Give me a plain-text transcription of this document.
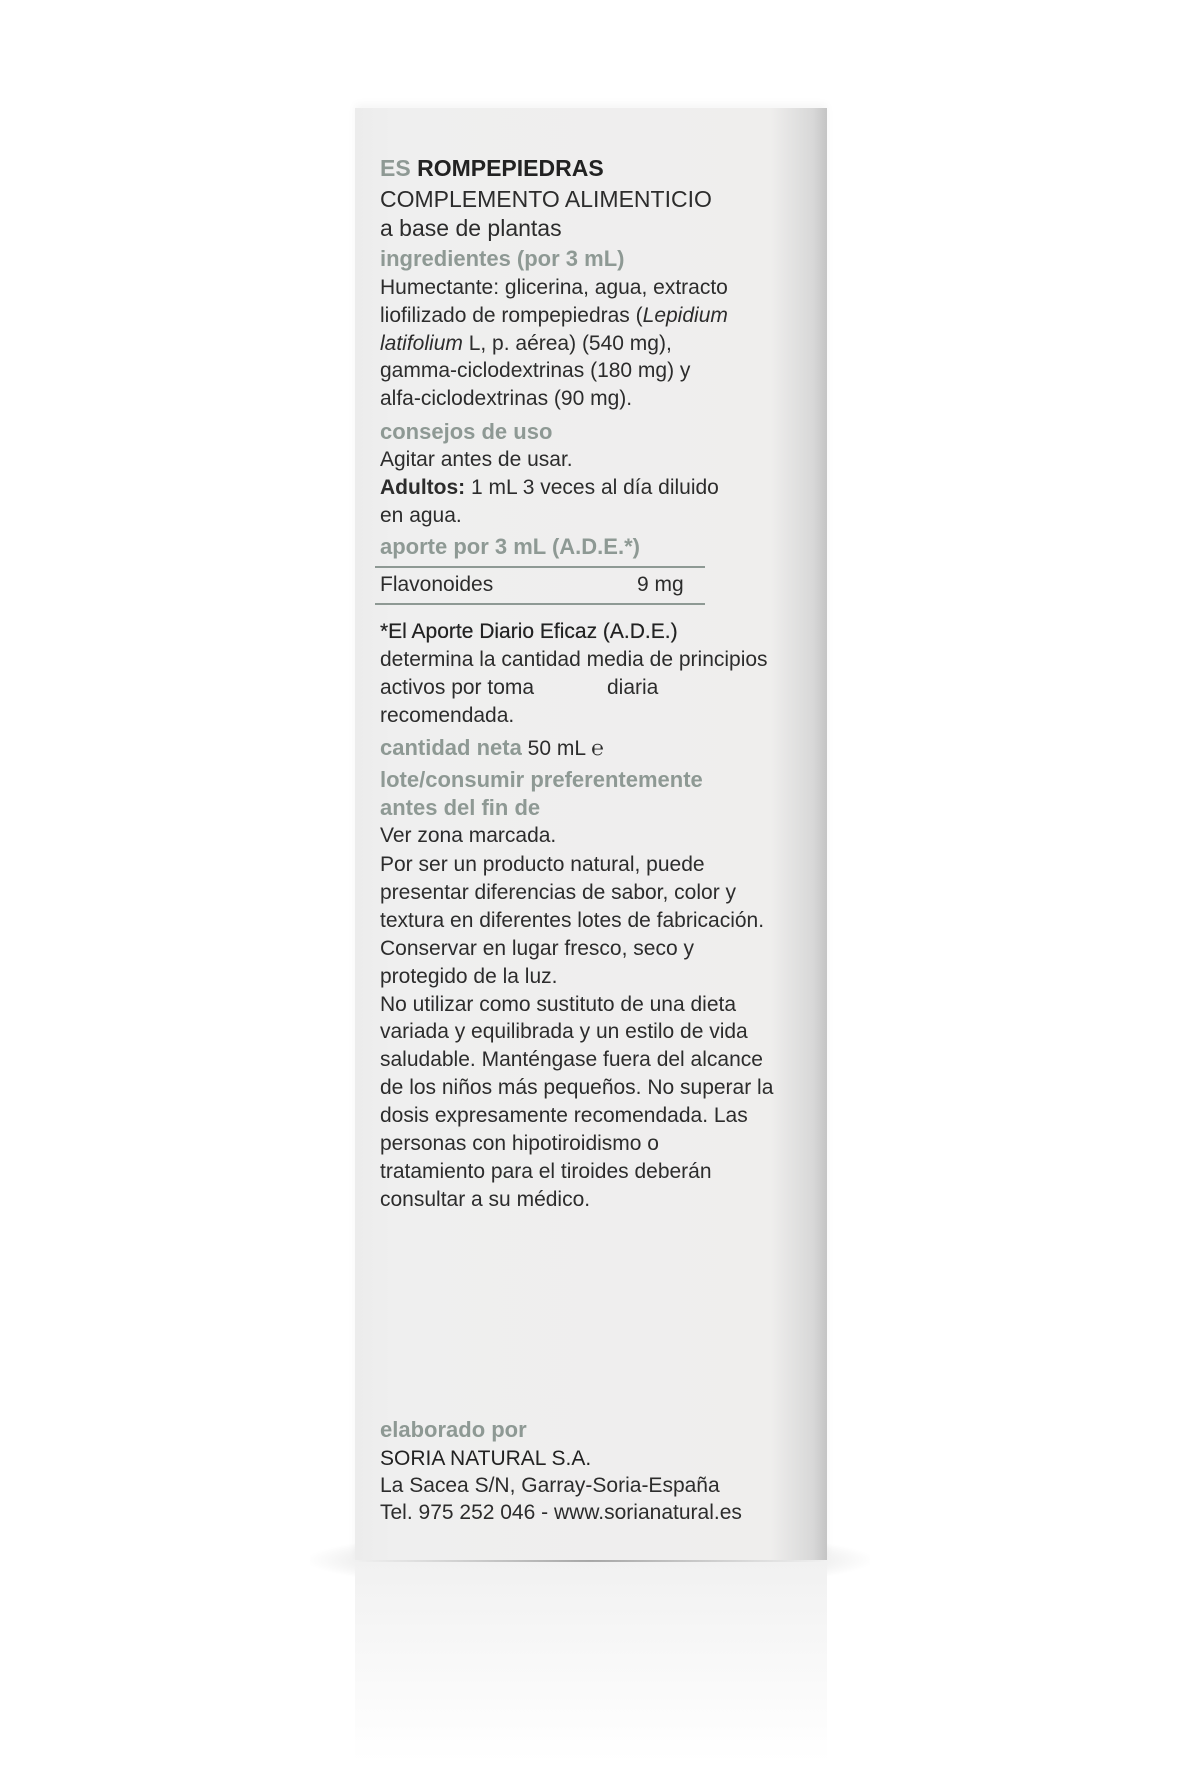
ES ROMPEPIEDRAS
COMPLEMENTO ALIMENTICIO
a base de plantas
ingredientes (por 3 mL)
Humectante: glicerina, agua, extracto
liofilizado de rompepiedras (Lepidium
latifolium L, p. aérea) (540 mg),
gamma-ciclodextrinas (180 mg) y
alfa-ciclodextrinas (90 mg).
consejos de uso
Agitar antes de usar.
Adultos: 1 mL 3 veces al día diluido
en agua.
aporte por 3 mL (A.D.E.*)
Flavonoides	9 mg
*El Aporte Diario Eficaz (A.D.E.)
determina la cantidad media de principios
activos por toma	diaria
recomendada.
cantidad neta 50 mL ℮
lote/consumir preferentemente
antes del fin de
Ver zona marcada.
Por ser un producto natural, puede
presentar diferencias de sabor, color y
textura en diferentes lotes de fabricación.
Conservar en lugar fresco, seco y
protegido de la luz.
No utilizar como sustituto de una dieta
variada y equilibrada y un estilo de vida
saludable. Manténgase fuera del alcance
de los niños más pequeños. No superar la
dosis expresamente recomendada. Las
personas con hipotiroidismo o
tratamiento para el tiroides deberán
consultar a su médico.
elaborado por
SORIA NATURAL S.A.
La Sacea S/N, Garray-Soria-España
Tel. 975 252 046 - www.sorianatural.es
